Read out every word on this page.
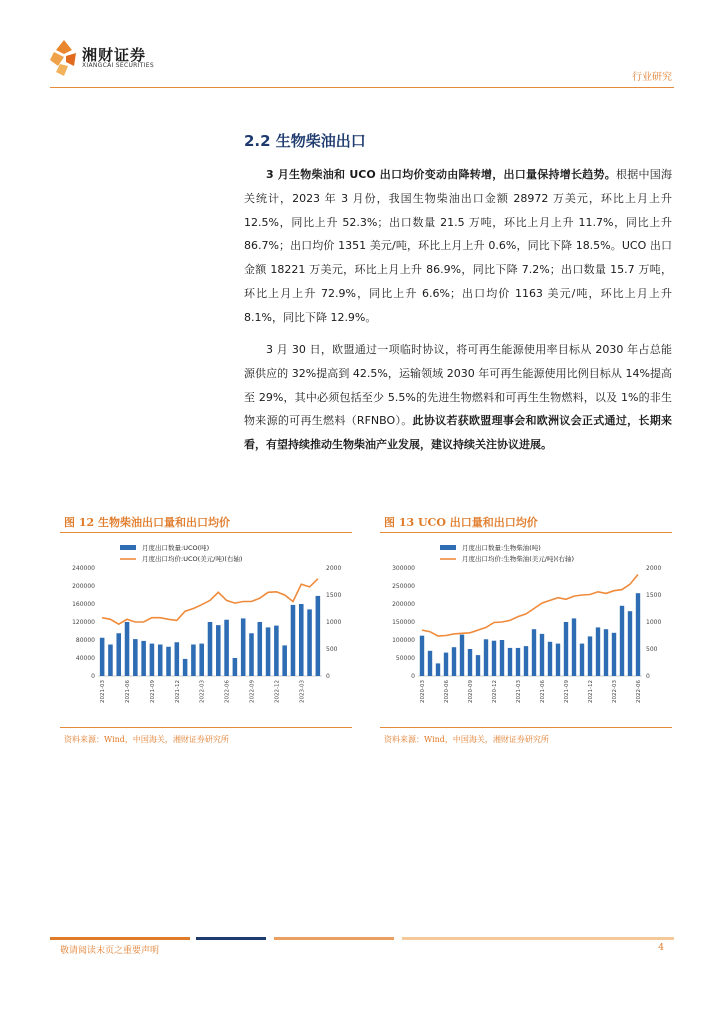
湘财证券
XIANGCAI SECURITIES
行业研究
2.2 生物柴油出口
3 月生物柴油和 UCO 出口均价变动由降转增，出口量保持增长趋势。根据中国海关统计，2023 年 3 月份，我国生物柴油出口金额 28972 万美元，环比上月上升 12.5%，同比上升 52.3%；出口数量 21.5 万吨，环比上月上升 11.7%，同比上升 86.7%；出口均价 1351 美元/吨，环比上月上升 0.6%，同比下降 18.5%。UCO 出口金额 18221 万美元，环比上月上升 86.9%，同比下降 7.2%；出口数量 15.7 万吨，环比上月上升 72.9%，同比上升 6.6%；出口均价 1163 美元/吨，环比上月上升 8.1%，同比下降 12.9%。
3 月 30 日，欧盟通过一项临时协议，将可再生能源使用率目标从 2030 年占总能源供应的 32%提高到 42.5%，运输领域 2030 年可再生能源使用比例目标从 14%提高至 29%，其中必须包括至少 5.5%的先进生物燃料和可再生生物燃料，以及 1%的非生物来源的可再生燃料（RFNBO）。此协议若获欧盟理事会和欧洲议会正式通过，长期来看，有望持续推动生物柴油产业发展，建议持续关注协议进展。
图 12 生物柴油出口量和出口均价	图 13 UCO 出口量和出口均价
月度出口数量:UCO(吨)
月度出口均价:UCO(美元/吨)(右轴)
0
40000
80000
120000
160000
200000
240000
0
500
1000
1500
2000
2021-03	2021-06	2021-09	2021-12	2022-03	2022-06	2022-09	2022-12	2023-03
月度出口数量:生物柴油(吨)
月度出口均价:生物柴油(美元/吨)(右轴)
0
50000
100000
150000
200000
250000
300000
0
500
1000
1500
2000
2020-03	2020-06	2020-09	2020-12	2021-03	2021-06	2021-09	2021-12	2022-03	2022-06
资料来源：Wind，中国海关，湘财证券研究所	资料来源：Wind，中国海关，湘财证券研究所
敬请阅读末页之重要声明	4
